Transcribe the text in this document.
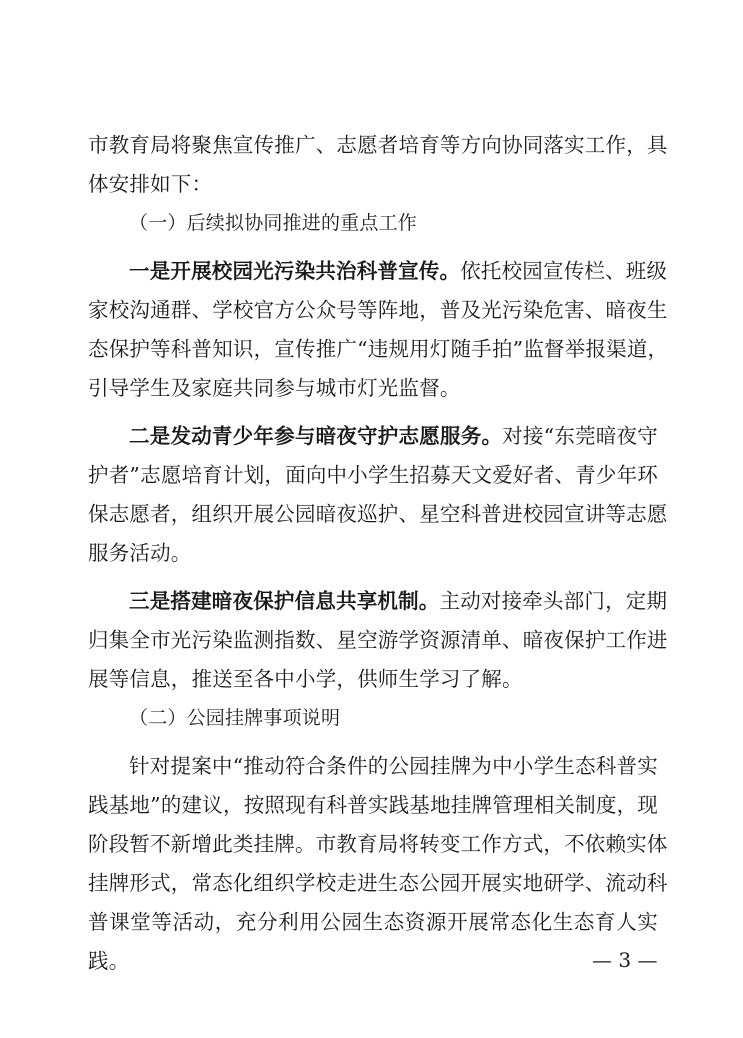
市教育局将聚焦宣传推广、志愿者培育等方向协同落实工作，具
体安排如下：
（一）后续拟协同推进的重点工作
一是开展校园光污染共治科普宣传。依托校园宣传栏、班级
家校沟通群、学校官方公众号等阵地，普及光污染危害、暗夜生
态保护等科普知识，宣传推广“违规用灯随手拍”监督举报渠道，
引导学生及家庭共同参与城市灯光监督。
二是发动青少年参与暗夜守护志愿服务。对接“东莞暗夜守
护者”志愿培育计划，面向中小学生招募天文爱好者、青少年环
保志愿者，组织开展公园暗夜巡护、星空科普进校园宣讲等志愿
服务活动。
三是搭建暗夜保护信息共享机制。主动对接牵头部门，定期
归集全市光污染监测指数、星空游学资源清单、暗夜保护工作进
展等信息，推送至各中小学，供师生学习了解。
（二）公园挂牌事项说明
针对提案中“推动符合条件的公园挂牌为中小学生态科普实
践基地”的建议，按照现有科普实践基地挂牌管理相关制度，现
阶段暂不新增此类挂牌。市教育局将转变工作方式，不依赖实体
挂牌形式，常态化组织学校走进生态公园开展实地研学、流动科
普课堂等活动，充分利用公园生态资源开展常态化生态育人实
践。	— 3 —
